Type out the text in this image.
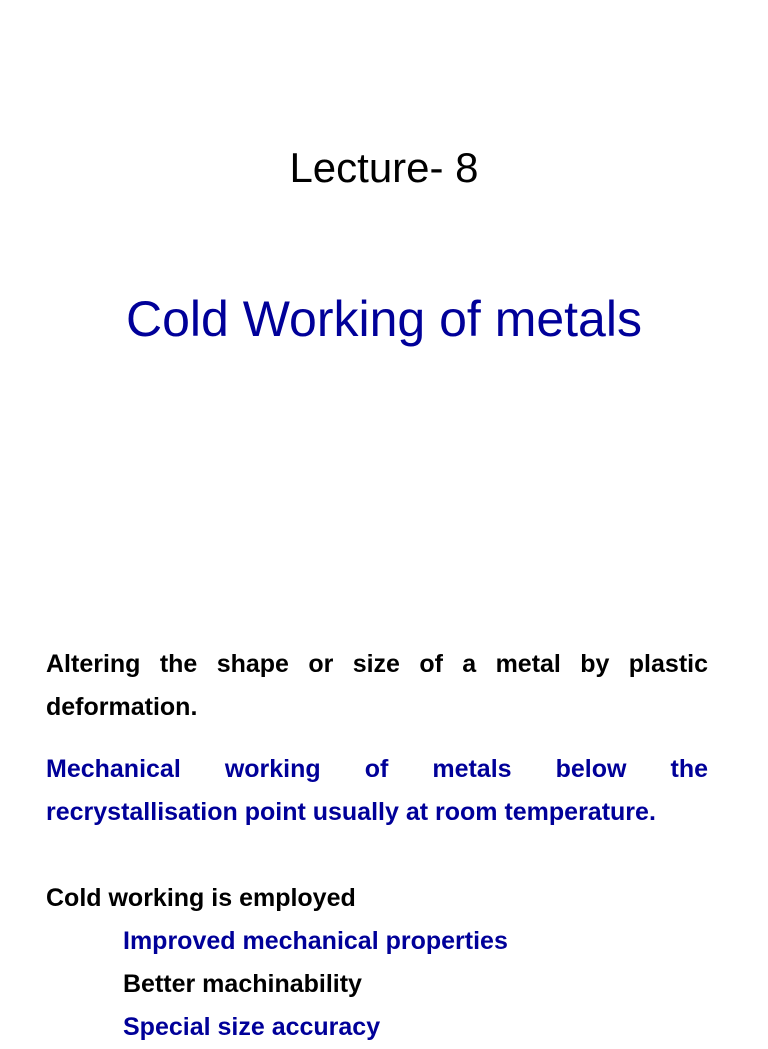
Lecture- 8
Cold Working of metals

Altering the shape or size of a metal by plastic deformation.

Mechanical working of metals below the recrystallisation point usually at room temperature.

Cold working is employed

Improved mechanical properties
Better machinability
Special size accuracy
